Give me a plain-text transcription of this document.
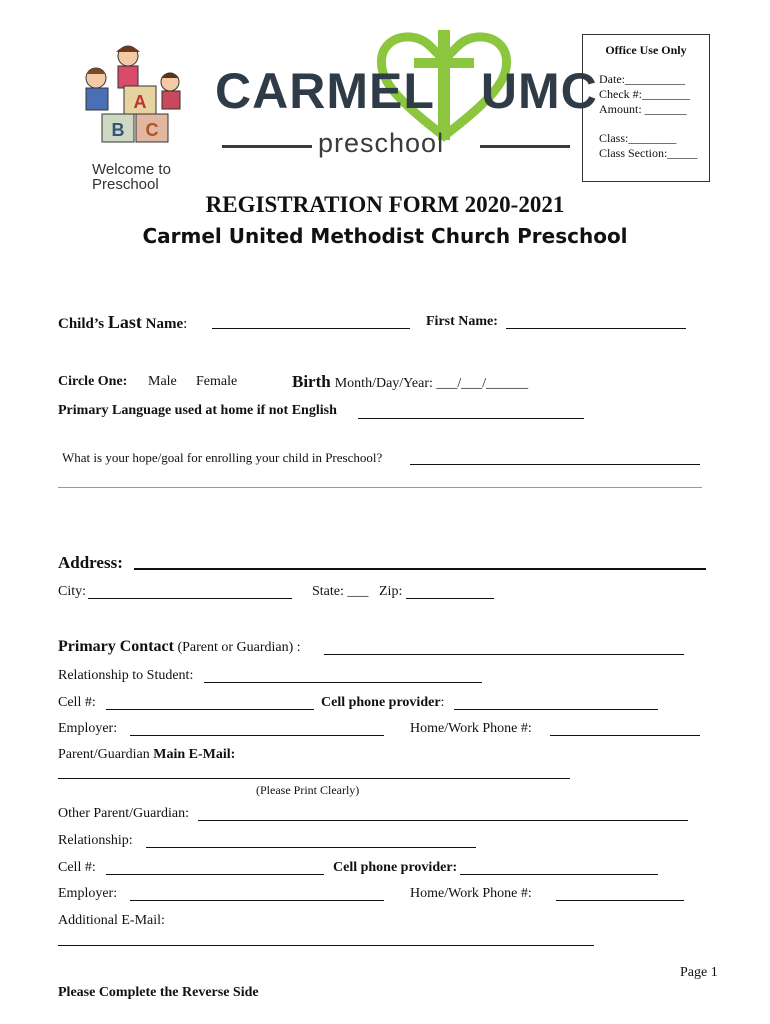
A
B C
Welcome to
Preschool
CARMEL UMC
preschool
Office Use Only
Date:__________
Check #:________
Amount: _______
Class:________
Class Section:_____
REGISTRATION FORM 2020-2021
Carmel United Methodist Church Preschool
Child’s Last Name:	First Name:
Circle One: Male Female	Birth Month/Day/Year: ___/___/______
Primary Language used at home if not English
What is your hope/goal for enrolling your child in Preschool?
Address:
City:	State: ___ Zip:
Primary Contact (Parent or Guardian) :
Relationship to Student:
Cell #:	Cell phone provider:
Employer:	Home/Work Phone #:
Parent/Guardian Main E-Mail:
(Please Print Clearly)
Other Parent/Guardian:
Relationship:
Cell #:	Cell phone provider:
Employer:	Home/Work Phone #:
Additional E-Mail:
Page 1
Please Complete the Reverse Side
